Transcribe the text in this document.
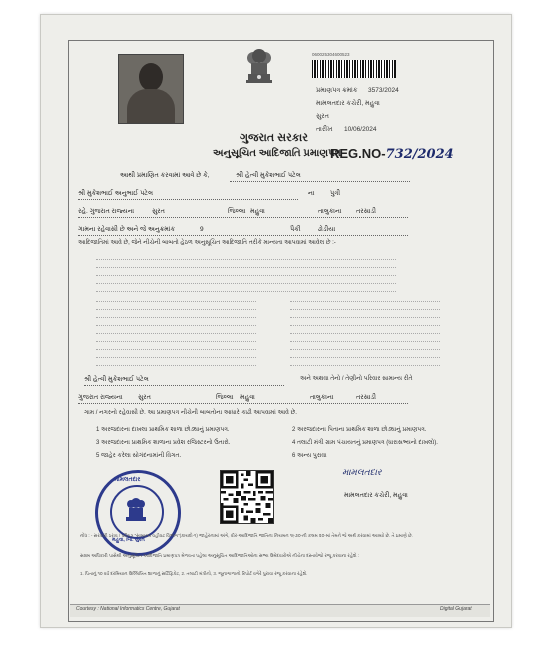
060025304600523
પ્રમાણપત્ર ક્રમાંક 3573/2024
મામલતદાર કચેરી, મહુવા
સુરત
તારીખ 10/06/2024
ગુજરાત સરકાર
અનુસૂચિત આદિજાતિ પ્રમાણપત્ર
REG.NO-732/2024
આથી પ્રમાણિત કરવામાં આવે છે કે,	શ્રી હેત્વી મુકેશભાઈ પટેલ
શ્રી મુકેશભાઈ અનુભાઈ પટેલ	ના પુત્રી
રહે. ગુજરાત રાજ્યના	સુરત	જિલ્લા મહુવા	તાલુકાના તરસાડી
ગામના રહેવાસી છે અને જે અનુક્રમાંક	9	પૈકી	ઢોડીયા
આદિજાતિમાં આવે છે, જેને નીચેની બાબતો હેઠળ અનુસૂચિત આદિજાતિ તરીકે માન્યતા આપવામાં આવેલ છે :-
શ્રી હેત્વી મુકેશભાઈ પટેલ	અને અથવા તેનો / તેણીનો પરિવાર સામાન્ય રીતે
ગુજરાત રાજ્યના સુરત	જિલ્લા મહુવા	તાલુકાના	તરસાડી
ગામ / નગરનો રહેવાસી છે. આ પ્રમાણપત્ર નીચેની બાબતોના આધારે કાઢી આપવામાં આવે છે.
1 અરજદારના દાખલા પ્રાથમિક શાળા છોડ્યાનું પ્રમાણપત્ર.	2 અરજદારના પિતાના પ્રાથમિક શાળા છોડ્યાનું પ્રમાણપત્ર.
3 અરજદારના પ્રાથમિક શાળાના પ્રવેશ રજિસ્ટરનો ઉતારો.	4 તલાટી મંત્રી ગ્રામ પંચાયતનું પ્રમાણપત્ર (ધારાસભ્યનો દાખલો).
5 જાહેર કરેલા સોગંદનામાંની વિગત.	6 અન્ય પુરાવા
મામલતદાર
મહુવા, જિ. સુરત
મામલતદાર
મામલતદાર કચેરી, મહુવા
નોંધ : - સરકારી ઠરાવ / પરિપત્ર “સામાન્ય વહીવટ વિભાગ”(કાયદો-૧) જાહેરનામાં અંગે, વીર-આદિજાતિ જાતિના નિયમન ૧૯૭૦-ની કલમ ૨૦-માં તેમને જે અર્થ કરવામાં આવ્યો છે. તે પ્રમાણે છે.
સક્ષમ અધિકારી પાસેથી અનુસૂચિત આદિજાતિ પ્રમાણપત્ર મેળવતા પહેલા અનુસૂચિત આદિજાતિઓના સભ્ય ઉમેદવારોએ નીચેના દસ્તાવેજો રજૂ કરવાના રહેશે :
1. પિતાનું ૧૦ વર્ષ દરમિયાન ઉલ્લિખિત શાળાનું સર્ટિફિકેટ, 2. તલાટી મંત્રીનો, 3. જૂનાગાળાનો રિપોર્ટ વગેરે પુરાવા રજૂ કરવાના રહેશે.
Courtesy : National Informatics Centre, Gujarat	Digital Gujarat
